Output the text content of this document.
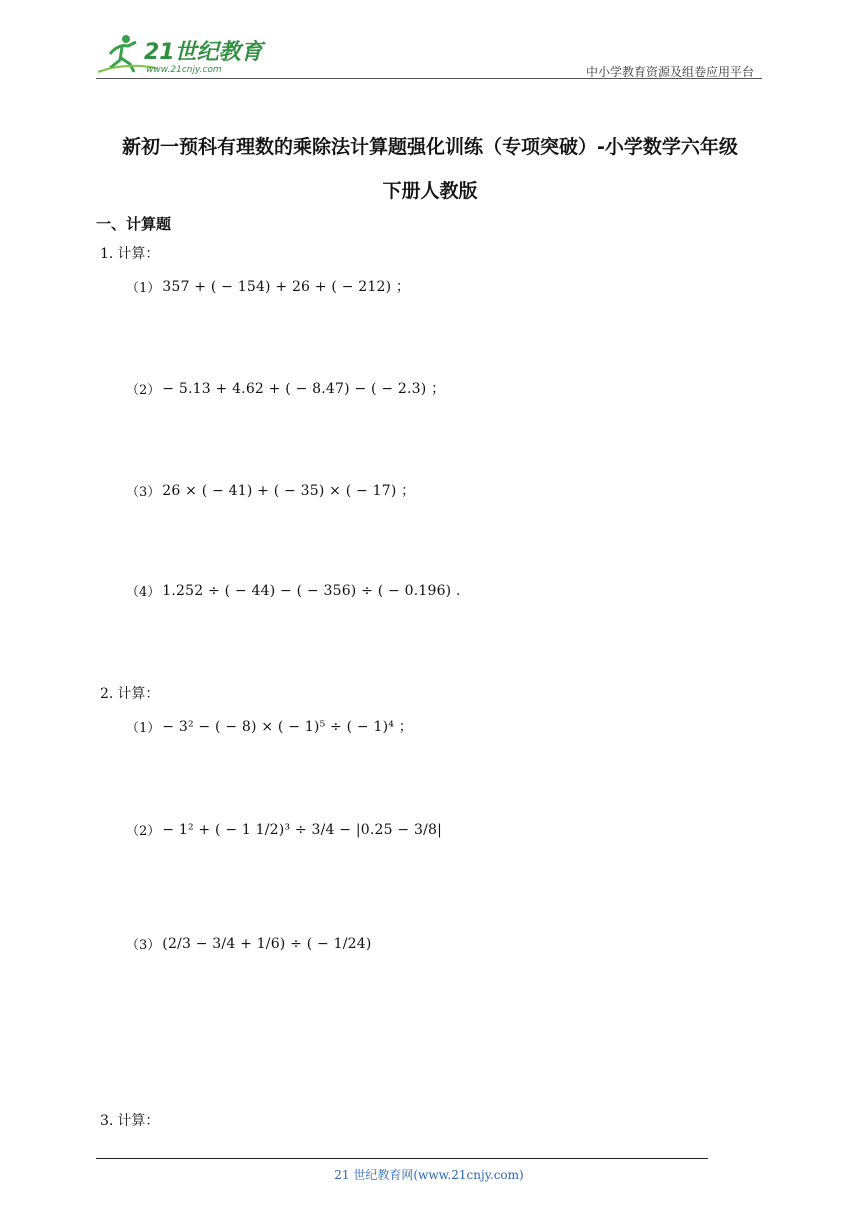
21世纪教育
www.21cnjy.com	中小学教育资源及组卷应用平台
新初一预科有理数的乘除法计算题强化训练（专项突破）-小学数学六年级
下册人教版
一、计算题
1. 计算：
（1） 357 + ( − 154) + 26 + ( − 212) ；
（2） − 5.13 + 4.62 + ( − 8.47) − ( − 2.3) ；
（3） 26 × ( − 41) + ( − 35) × ( − 17) ；
（4） 1.252 ÷ ( − 44) − ( − 356) ÷ ( − 0.196) .
2. 计算：
（1） − 3² − ( − 8) × ( − 1)⁵ ÷ ( − 1)⁴ ；
（2） − 1² + ( − 1 1/2)³ ÷ 3/4 − |0.25 − 3/8|
（3） (2/3 − 3/4 + 1/6) ÷ ( − 1/24)
3. 计算：
21 世纪教育网(www.21cnjy.com)
